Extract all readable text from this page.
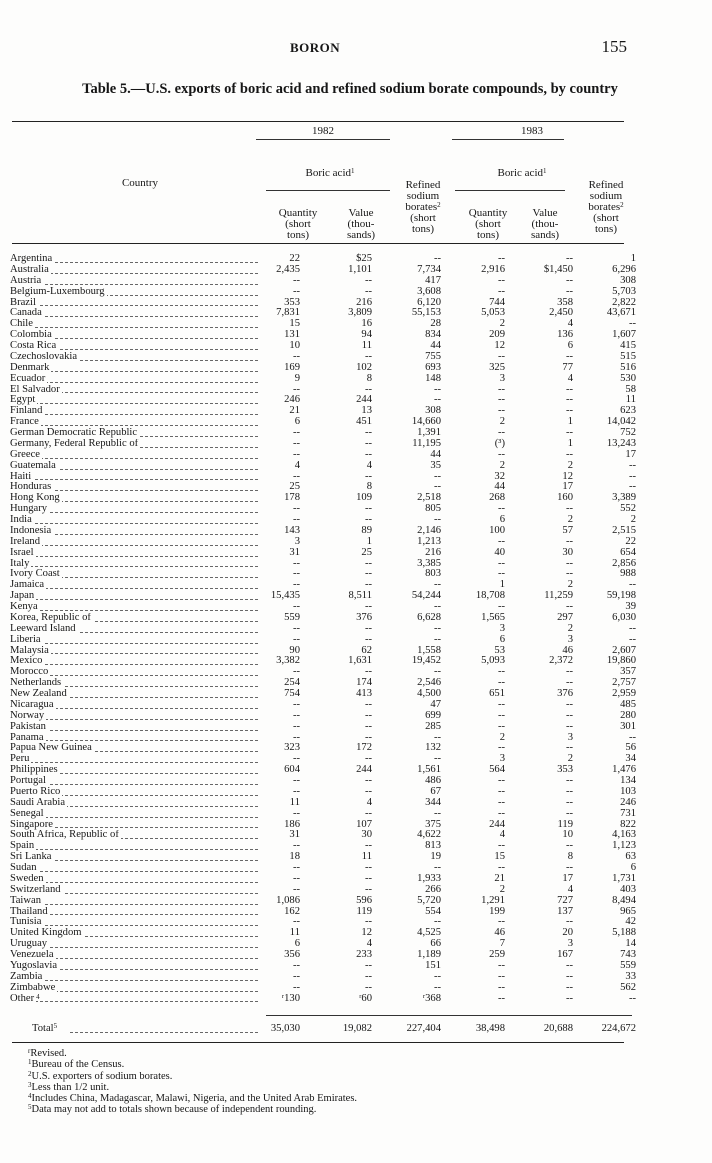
BORON	155
Table 5.—U.S. exports of boric acid and refined sodium borate compounds, by country
1982	1983
Country
Boric acid$^1$	Boric acid$^1$
Quantity
(short
tons)
Value
(thou-
sands)
Refined
sodium
borates$^2$
(short
tons)
Quantity
(short
tons)
Value
(thou-
sands)
Refined
sodium
borates$^2$
(short
tons)
Argentina	22	$25	--	--	--	1
Australia	2,435	1,101	7,734	2,916	$1,450	6,296
Austria	--	--	417	--	--	308
Belgium-Luxembourg	--	--	3,608	--	--	5,703
Brazil	353	216	6,120	744	358	2,822
Canada	7,831	3,809	55,153	5,053	2,450	43,671
Chile	15	16	28	2	4	--
Colombia	131	94	834	209	136	1,607
Costa Rica	10	11	44	12	6	415
Czechoslovakia	--	--	755	--	--	515
Denmark	169	102	693	325	77	516
Ecuador	9	8	148	3	4	530
El Salvador	--	--	--	--	--	58
Egypt	246	244	--	--	--	11
Finland	21	13	308	--	--	623
France	6	451	14,660	2	1	14,042
German Democratic Republic	--	--	1,391	--	--	752
Germany, Federal Republic of	--	--	11,195	(³)	1	13,243
Greece	--	--	44	--	--	17
Guatemala	4	4	35	2	2	--
Haiti	--	--	--	32	12	--
Honduras	25	8	--	44	17	--
Hong Kong	178	109	2,518	268	160	3,389
Hungary	--	--	805	--	--	552
India	--	--	--	6	2	2
Indonesia	143	89	2,146	100	57	2,515
Ireland	3	1	1,213	--	--	22
Israel	31	25	216	40	30	654
Italy	--	--	3,385	--	--	2,856
Ivory Coast	--	--	803	--	--	988
Jamaica	--	--	--	1	2	--
Japan	15,435	8,511	54,244	18,708	11,259	59,198
Kenya	--	--	--	--	--	39
Korea, Republic of	559	376	6,628	1,565	297	6,030
Leeward Island	--	--	--	3	2	--
Liberia	--	--	--	6	3	--
Malaysia	90	62	1,558	53	46	2,607
Mexico	3,382	1,631	19,452	5,093	2,372	19,860
Morocco	--	--	--	--	--	357
Netherlands	254	174	2,546	--	--	2,757
New Zealand	754	413	4,500	651	376	2,959
Nicaragua	--	--	47	--	--	485
Norway	--	--	699	--	--	280
Pakistan	--	--	285	--	--	301
Panama	--	--	--	2	3	--
Papua New Guinea	323	172	132	--	--	56
Peru	--	--	--	3	2	34
Philippines	604	244	1,561	564	353	1,476
Portugal	--	--	486	--	--	134
Puerto Rico	--	--	67	--	--	103
Saudi Arabia	11	4	344	--	--	246
Senegal	--	--	--	--	--	731
Singapore	186	107	375	244	119	822
South Africa, Republic of	31	30	4,622	4	10	4,163
Spain	--	--	813	--	--	1,123
Sri Lanka	18	11	19	15	8	63
Sudan	--	--	--	--	--	6
Sweden	--	--	1,933	21	17	1,731
Switzerland	--	--	266	2	4	403
Taiwan	1,086	596	5,720	1,291	727	8,494
Thailand	162	119	554	199	137	965
Tunisia	--	--	--	--	--	42
United Kingdom	11	12	4,525	46	20	5,188
Uruguay	6	4	66	7	3	14
Venezuela	356	233	1,189	259	167	743
Yugoslavia	--	--	151	--	--	559
Zambia	--	--	--	--	--	33
Zimbabwe	--	--	--	--	--	562
Other $^4$	ʳ130	ʳ60	ʳ368	--	--	--
Total$^5$	35,030	19,082	227,404	38,498	20,688	224,672
$^r$Revised.
$^1$Bureau of the Census.
$^2$U.S. exporters of sodium borates.
$^3$Less than 1/2 unit.
$^4$Includes China, Madagascar, Malawi, Nigeria, and the United Arab Emirates.
$^5$Data may not add to totals shown because of independent rounding.
